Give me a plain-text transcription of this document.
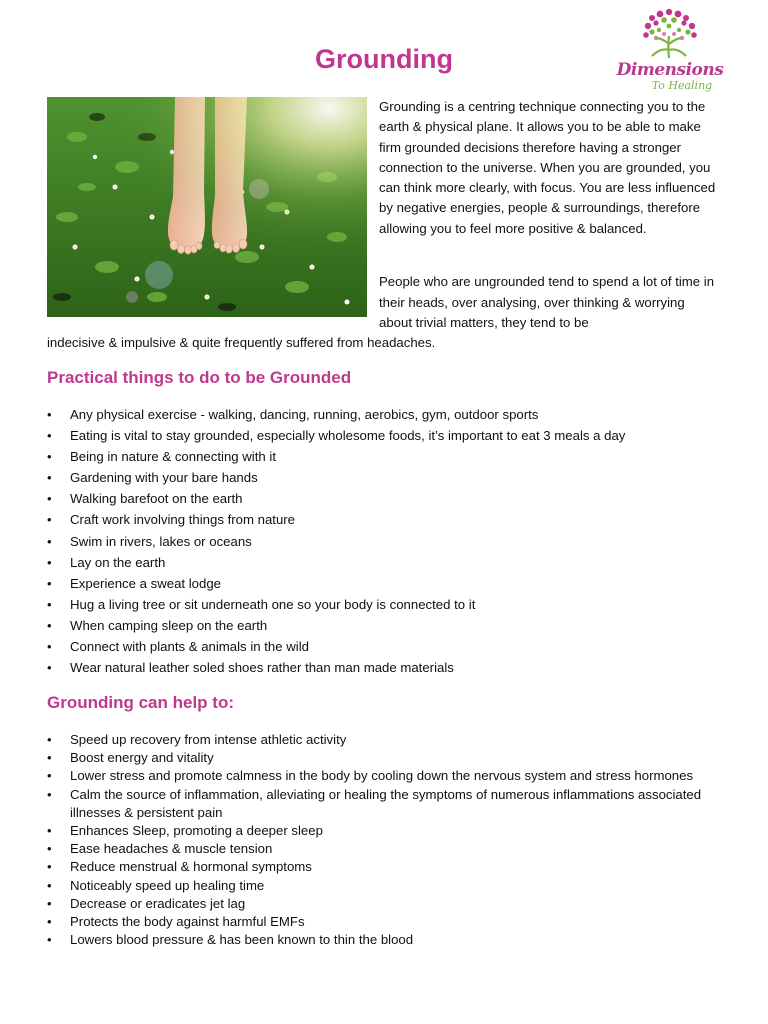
Grounding	Dimensions
To Healing

Grounding is a centring technique connecting you to the earth & physical plane. It allows you to be able to make firm grounded decisions therefore having a stronger connection to the universe. When you are grounded, you can think more clearly, with focus. You are less influenced by negative energies, people & surroundings, therefore allowing you to feel more positive & balanced.

People who are ungrounded tend to spend a lot of time in their heads, over analysing, over thinking & worrying about trivial matters, they tend to be

indecisive & impulsive & quite frequently suffered from headaches.

Practical things to do to be Grounded
• Any physical exercise - walking, dancing, running, aerobics, gym, outdoor sports
• Eating is vital to stay grounded, especially wholesome foods, it’s important to eat 3 meals a day
• Being in nature & connecting with it
• Gardening with your bare hands
• Walking barefoot on the earth
• Craft work involving things from nature
• Swim in rivers, lakes or oceans
• Lay on the earth
• Experience a sweat lodge
• Hug a living tree or sit underneath one so your body is connected to it
• When camping sleep on the earth
• Connect with plants & animals in the wild
• Wear natural leather soled shoes rather than man made materials
Grounding can help to:
• Speed up recovery from intense athletic activity
• Boost energy and vitality
• Lower stress and promote calmness in the body by cooling down the nervous system and stress hormones
• Calm the source of inflammation, alleviating or healing the symptoms of numerous inflammations associated illnesses & persistent pain
• Enhances Sleep, promoting a deeper sleep
• Ease headaches & muscle tension
• Reduce menstrual & hormonal symptoms
• Noticeably speed up healing time
• Decrease or eradicates jet lag
• Protects the body against harmful EMFs
• Lowers blood pressure & has been known to thin the blood
